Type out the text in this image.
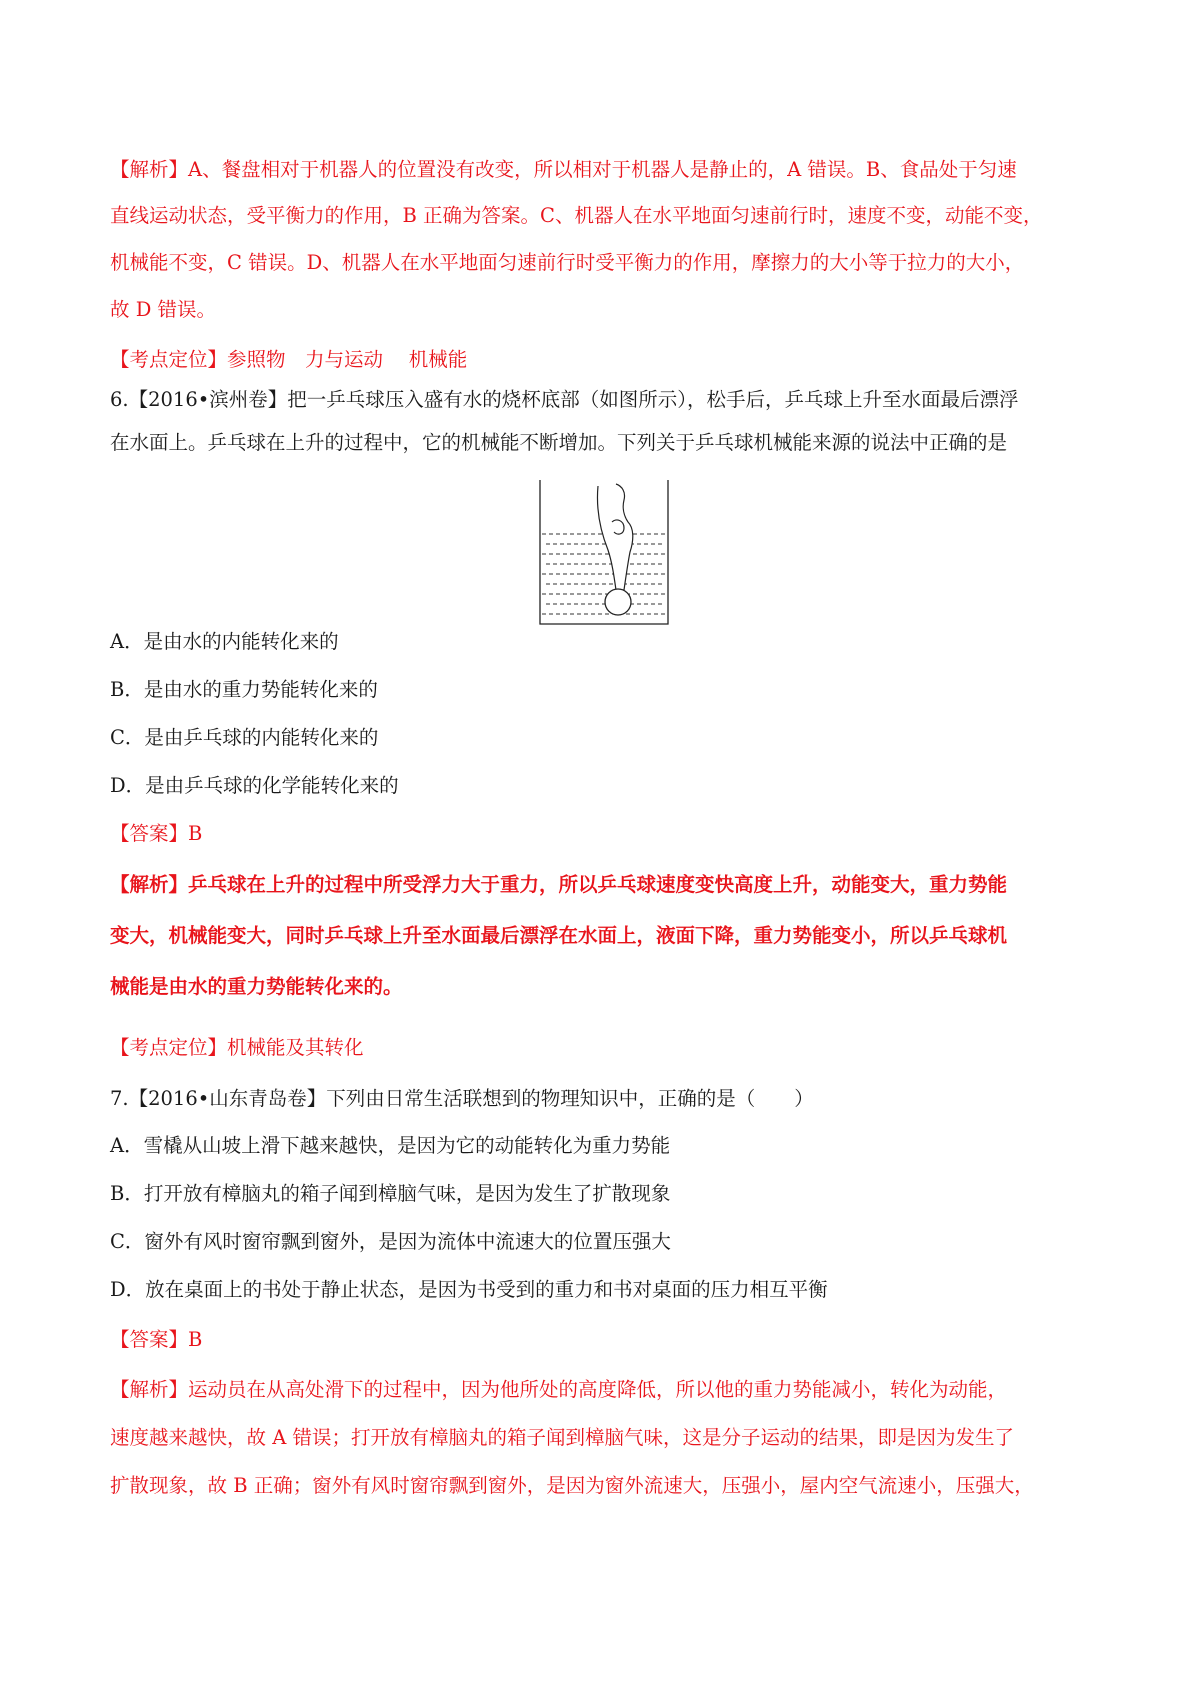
【解析】A、餐盘相对于机器人的位置没有改变，所以相对于机器人是静止的，A 错误。B、食品处于匀速
直线运动状态，受平衡力的作用，B 正确为答案。C、机器人在水平地面匀速前行时，速度不变，动能不变，
机械能不变，C 错误。D、机器人在水平地面匀速前行时受平衡力的作用，摩擦力的大小等于拉力的大小，
故 D 错误。
【考点定位】参照物　力与运动　 机械能
6.【2016•滨州卷】把一乒乓球压入盛有水的烧杯底部（如图所示），松手后，乒乓球上升至水面最后漂浮
在水面上。乒乓球在上升的过程中，它的机械能不断增加。下列关于乒乓球机械能来源的说法中正确的是
A．是由水的内能转化来的
B．是由水的重力势能转化来的
C．是由乒乓球的内能转化来的
D．是由乒乓球的化学能转化来的
【答案】B
【解析】乒乓球在上升的过程中所受浮力大于重力，所以乒乓球速度变快高度上升，动能变大，重力势能
变大，机械能变大，同时乒乓球上升至水面最后漂浮在水面上，液面下降，重力势能变小，所以乒乓球机
械能是由水的重力势能转化来的。
【考点定位】机械能及其转化
7.【2016•山东青岛卷】下列由日常生活联想到的物理知识中，正确的是（　　）
A．雪橇从山坡上滑下越来越快，是因为它的动能转化为重力势能
B．打开放有樟脑丸的箱子闻到樟脑气味，是因为发生了扩散现象
C．窗外有风时窗帘飘到窗外，是因为流体中流速大的位置压强大
D．放在桌面上的书处于静止状态，是因为书受到的重力和书对桌面的压力相互平衡
【答案】B
【解析】运动员在从高处滑下的过程中，因为他所处的高度降低，所以他的重力势能减小，转化为动能，
速度越来越快，故 A 错误；打开放有樟脑丸的箱子闻到樟脑气味，这是分子运动的结果，即是因为发生了
扩散现象，故 B 正确；窗外有风时窗帘飘到窗外，是因为窗外流速大，压强小，屋内空气流速小，压强大，
